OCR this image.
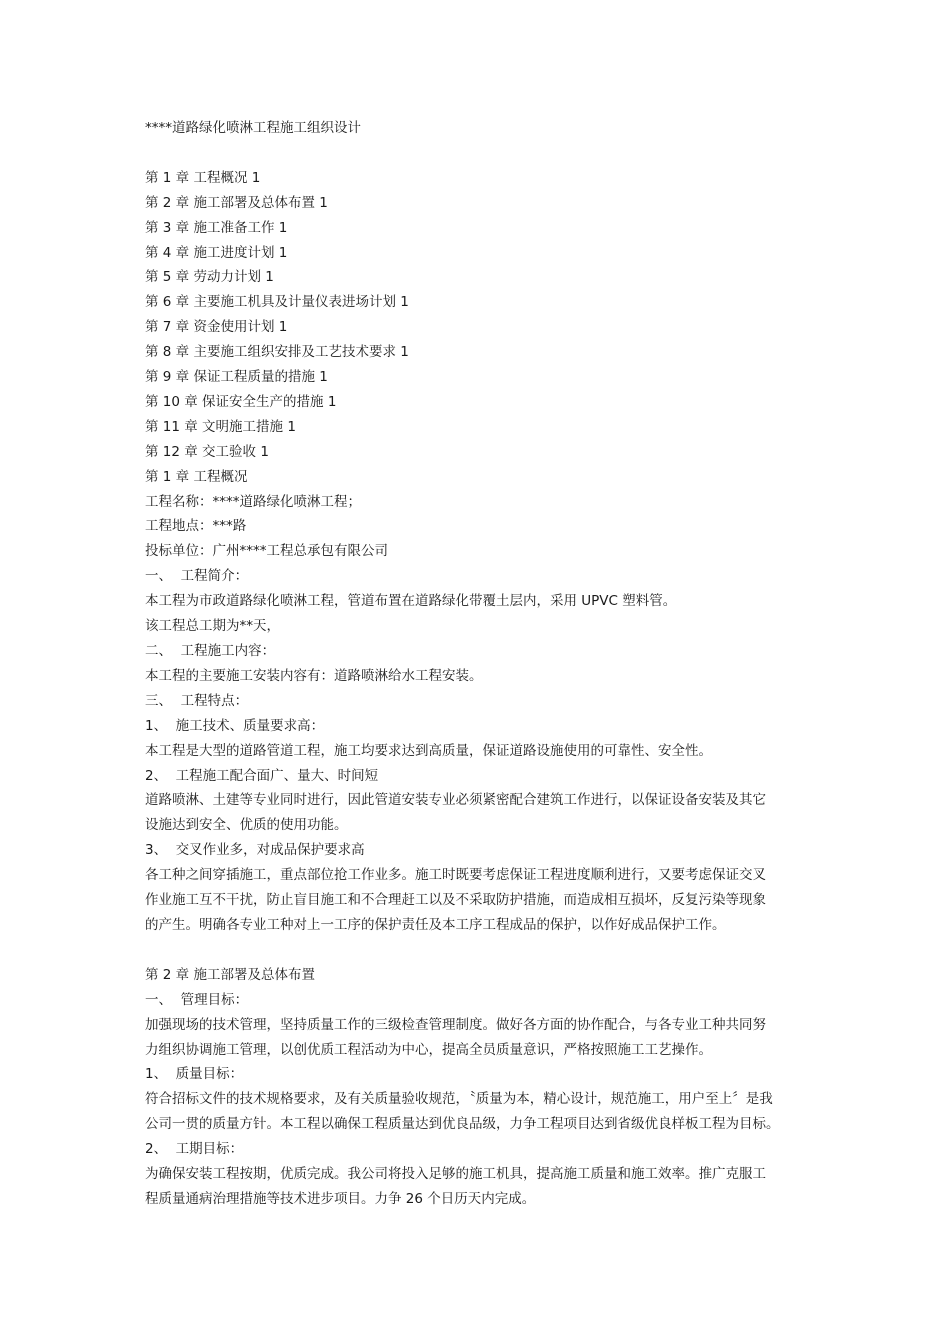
****道路绿化喷淋工程施工组织设计

第 1 章 工程概况 1

第 2 章 施工部署及总体布置 1

第 3 章 施工准备工作 1

第 4 章 施工进度计划 1

第 5 章 劳动力计划 1

第 6 章 主要施工机具及计量仪表进场计划 1

第 7 章 资金使用计划 1

第 8 章 主要施工组织安排及工艺技术要求 1

第 9 章 保证工程质量的措施 1

第 10 章 保证安全生产的措施 1

第 11 章 文明施工措施 1

第 12 章 交工验收 1

第 1 章 工程概况

工程名称：****道路绿化喷淋工程；

工程地点：***路

投标单位：广州****工程总承包有限公司

一、  工程简介：

本工程为市政道路绿化喷淋工程，管道布置在道路绿化带覆土层内，采用 UPVC 塑料管。

该工程总工期为**天，

二、  工程施工内容：

本工程的主要施工安装内容有：道路喷淋给水工程安装。

三、  工程特点：

1、  施工技术、质量要求高：

本工程是大型的道路管道工程，施工均要求达到高质量，保证道路设施使用的可靠性、安全性。

2、  工程施工配合面广、量大、时间短

道路喷淋、土建等专业同时进行，因此管道安装专业必须紧密配合建筑工作进行，以保证设备安装及其它

设施达到安全、优质的使用功能。

3、  交叉作业多，对成品保护要求高

各工种之间穿插施工，重点部位抢工作业多。施工时既要考虑保证工程进度顺利进行，又要考虑保证交叉

作业施工互不干扰，防止盲目施工和不合理赶工以及不采取防护措施，而造成相互损坏，反复污染等现象

的产生。明确各专业工种对上一工序的保护责任及本工序工程成品的保护，以作好成品保护工作。

第 2 章 施工部署及总体布置

一、  管理目标：

加强现场的技术管理，坚持质量工作的三级检查管理制度。做好各方面的协作配合，与各专业工种共同努

力组织协调施工管理，以创优质工程活动为中心，提高全员质量意识，严格按照施工工艺操作。

1、  质量目标：

符合招标文件的技术规格要求，及有关质量验收规范，〝质量为本，精心设计，规范施工，用户至上〞是我

公司一贯的质量方针。本工程以确保工程质量达到优良品级，力争工程项目达到省级优良样板工程为目标。

2、  工期目标：

为确保安装工程按期，优质完成。我公司将投入足够的施工机具，提高施工质量和施工效率。推广克服工

程质量通病治理措施等技术进步项目。力争 26 个日历天内完成。
